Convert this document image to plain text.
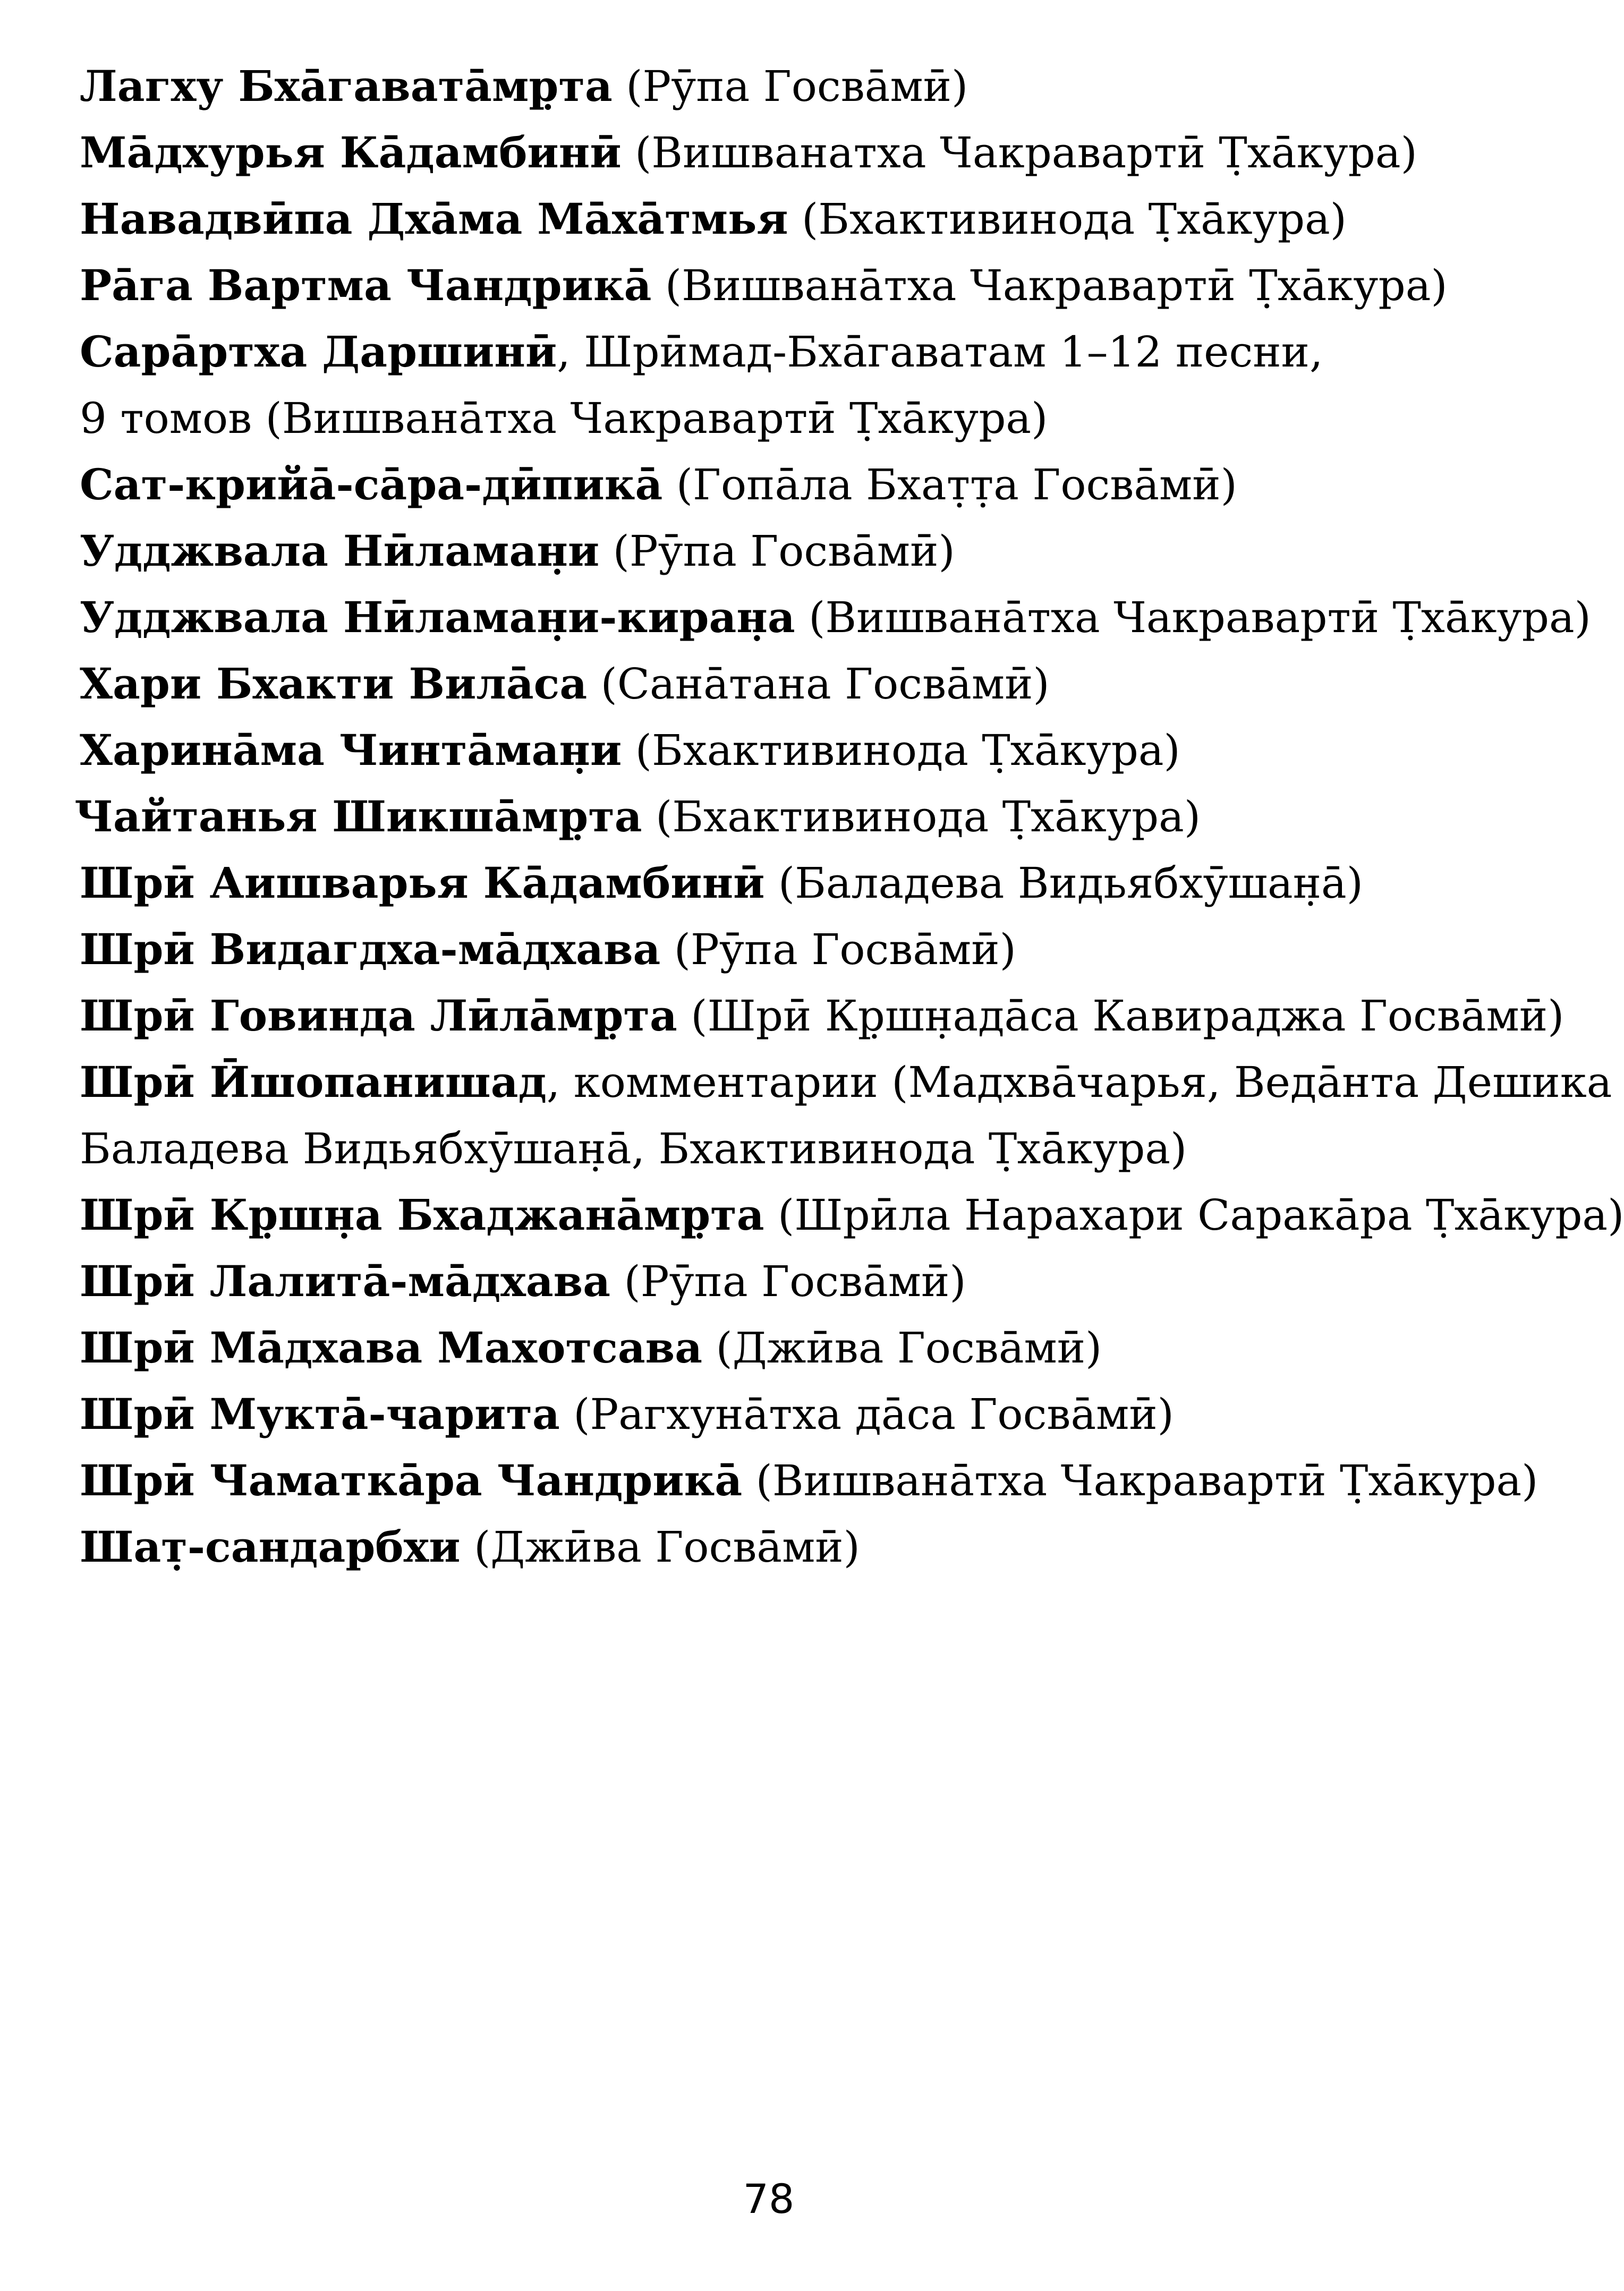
Лагху Бха̄гавата̄мр̣та (Рӯпа Госва̄мӣ)
Ма̄дхурья Ка̄дамбинӣ (Вишванатха Чакравартӣ Т̣ха̄кура)
Навадвӣпа Дха̄ма Ма̄ха̄тмья (Бхактивинода Т̣ха̄кура)
Ра̄га Вартма Чандрика̄ (Вишвана̄тха Чакравартӣ Т̣ха̄кура)
Сара̄ртха Даршинӣ, Шрӣмад-Бха̄гаватам 1–12 песни,
9 томов (Вишвана̄тха Чакравартӣ Т̣ха̄кура)
Сат-крийа̄-са̄ра-дӣпика̄ (Гопа̄ла Бхат̣т̣а Госва̄мӣ)
Удджвала Нӣламан̣и (Рӯпа Госва̄мӣ)
Удджвала Нӣламан̣и-киран̣а (Вишвана̄тха Чакравартӣ Т̣ха̄кура)
Хари Бхакти Вила̄са (Сана̄тана Госва̄мӣ)
Харина̄ма Чинта̄ман̣и (Бхактивинода Т̣ха̄кура)
Чайтанья Шикша̄мр̣та (Бхактивинода Т̣ха̄кура)
Шрӣ Аишварья Ка̄дамбинӣ (Баладева Видьябхӯшан̣а̄)
Шрӣ Видагдха-ма̄дхава (Рӯпа Госва̄мӣ)
Шрӣ Говинда Лӣла̄мр̣та (Шрӣ Кр̣шн̣ада̄са Кавираджа Госва̄мӣ)
Шрӣ Ӣшопанишад, комментарии (Мадхва̄чарья, Веда̄нта Дешика
Баладева Видьябхӯшан̣а̄, Бхактивинода Т̣ха̄кура)
Шрӣ Кр̣шн̣а Бхаджана̄мр̣та (Шрӣла Нарахари Сарака̄ра Т̣ха̄кура)
Шрӣ Лалита̄-ма̄дхава (Рӯпа Госва̄мӣ)
Шрӣ Ма̄дхава Махотсава (Джӣва Госва̄мӣ)
Шрӣ Мукта̄-чарита (Рагхуна̄тха да̄са Госва̄мӣ)
Шрӣ Чаматка̄ра Чандрика̄ (Вишвана̄тха Чакравартӣ Т̣ха̄кура)
Шат̣-сандарбхи (Джӣва Госва̄мӣ)
78
